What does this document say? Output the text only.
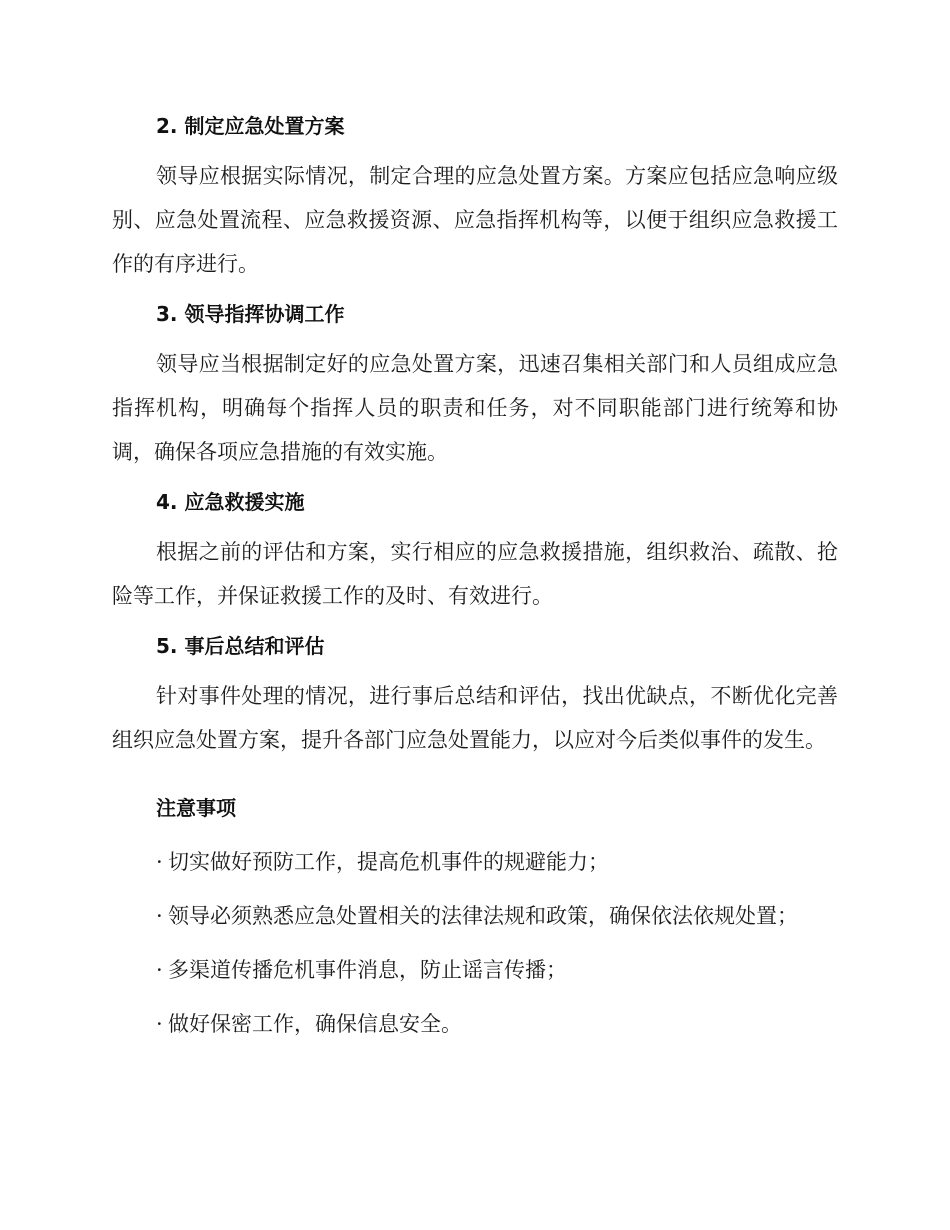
2. 制定应急处置方案

领导应根据实际情况，制定合理的应急处置方案。方案应包括应急响应级别、应急处置流程、应急救援资源、应急指挥机构等，以便于组织应急救援工作的有序进行。

3. 领导指挥协调工作

领导应当根据制定好的应急处置方案，迅速召集相关部门和人员组成应急指挥机构，明确每个指挥人员的职责和任务，对不同职能部门进行统筹和协调，确保各项应急措施的有效实施。

4. 应急救援实施

根据之前的评估和方案，实行相应的应急救援措施，组织救治、疏散、抢险等工作，并保证救援工作的及时、有效进行。

5. 事后总结和评估

针对事件处理的情况，进行事后总结和评估，找出优缺点，不断优化完善组织应急处置方案，提升各部门应急处置能力，以应对今后类似事件的发生。

注意事项

· 切实做好预防工作，提高危机事件的规避能力；

· 领导必须熟悉应急处置相关的法律法规和政策，确保依法依规处置；

· 多渠道传播危机事件消息，防止谣言传播；

· 做好保密工作，确保信息安全。
